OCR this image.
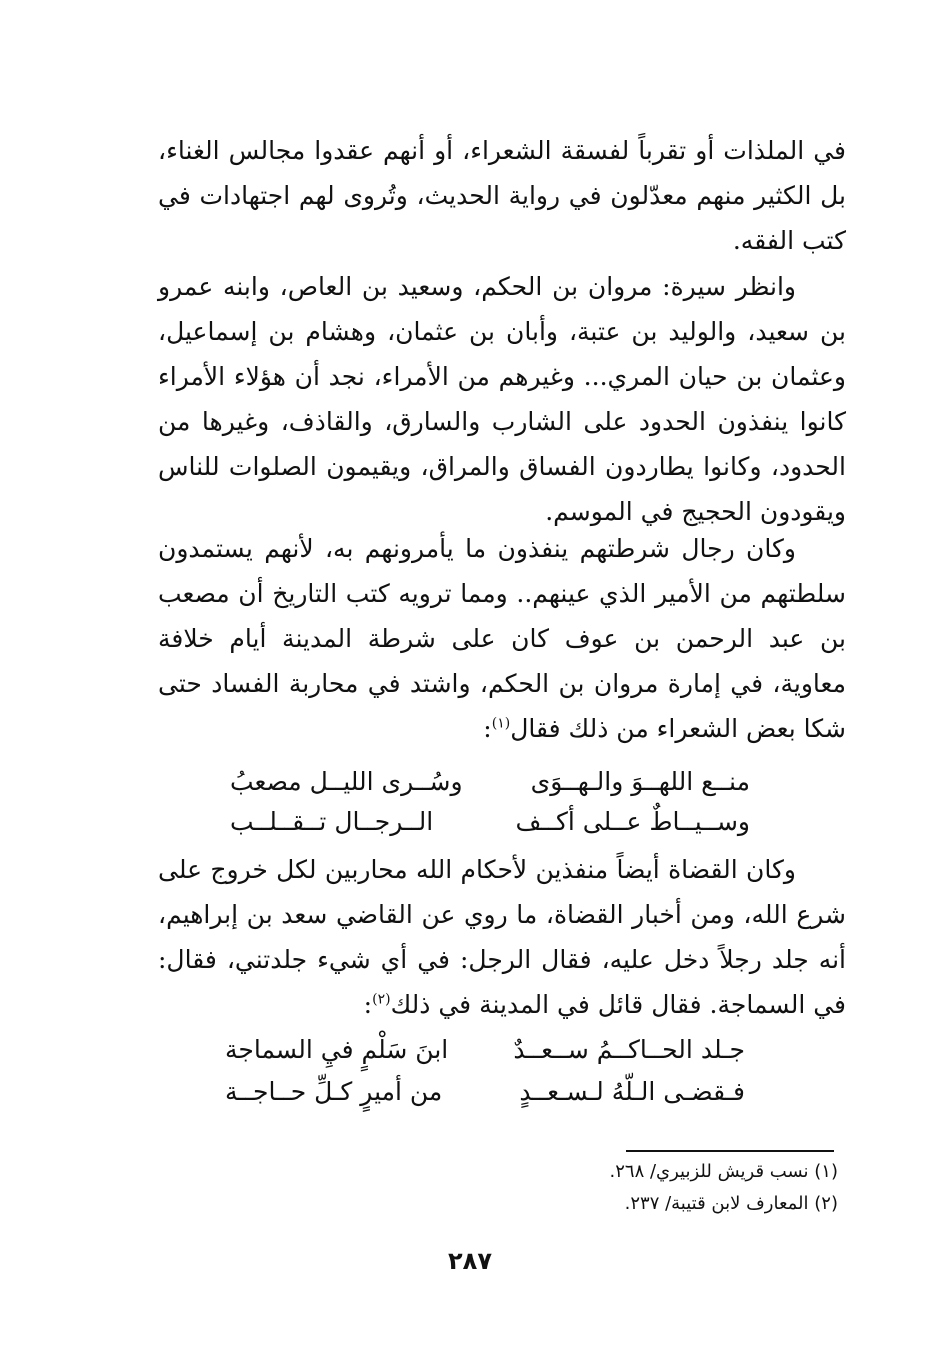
في الملذات أو تقرباً لفسقة الشعراء، أو أنهم عقدوا مجالس الغناء، بل الكثير منهم معدّلون في رواية الحديث، وتُروى لهم اجتهادات في كتب الفقه.

وانظر سيرة: مروان بن الحكم، وسعيد بن العاص، وابنه عمرو بن سعيد، والوليد بن عتبة، وأبان بن عثمان، وهشام بن إسماعيل، وعثمان بن حيان المري... وغيرهم من الأمراء، نجد أن هؤلاء الأمراء كانوا ينفذون الحدود على الشارب والسارق، والقاذف، وغيرها من الحدود، وكانوا يطاردون الفساق والمراق، ويقيمون الصلوات للناس ويقودون الحجيج في الموسم.

وكان رجال شرطتهم ينفذون ما يأمرونهم به، لأنهم يستمدون سلطتهم من الأمير الذي عينهم.. ومما ترويه كتب التاريخ أن مصعب بن عبد الرحمن بن عوف كان على شرطة المدينة أيام خلافة معاوية، في إمارة مروان بن الحكم، واشتد في محاربة الفساد حتى شكا بعض الشعراء من ذلك فقال$^{(١)}$:

منــع اللهــوَ والـهــوَى
وسُــرى الليــل مصعبُ
وســيــاطٌ عــلى أكــف
الــرجــال تــقــلــب

وكان القضاة أيضاً منفذين لأحكام الله محاربين لكل خروج على شرع الله، ومن أخبار القضاة، ما روي عن القاضي سعد بن إبراهيم، أنه جلد رجلاً دخل عليه، فقال الرجل: في أي شيء جلدتني، فقال: في السماجة. فقال قائل في المدينة في ذلك$^{(٢)}$:

جـلد الحــاكــمُ ســعــدٌ
ابنَ سَلْمٍ فيِ السماجة
فـقضـى الـلّهُ لـسـعــدٍ
من أميرٍ كـلِّ حــاجــة
(١) نسب قريش للزبيري/ ٢٦٨.
(٢) المعارف لابن قتيبة/ ٢٣٧.
٢٨٧
